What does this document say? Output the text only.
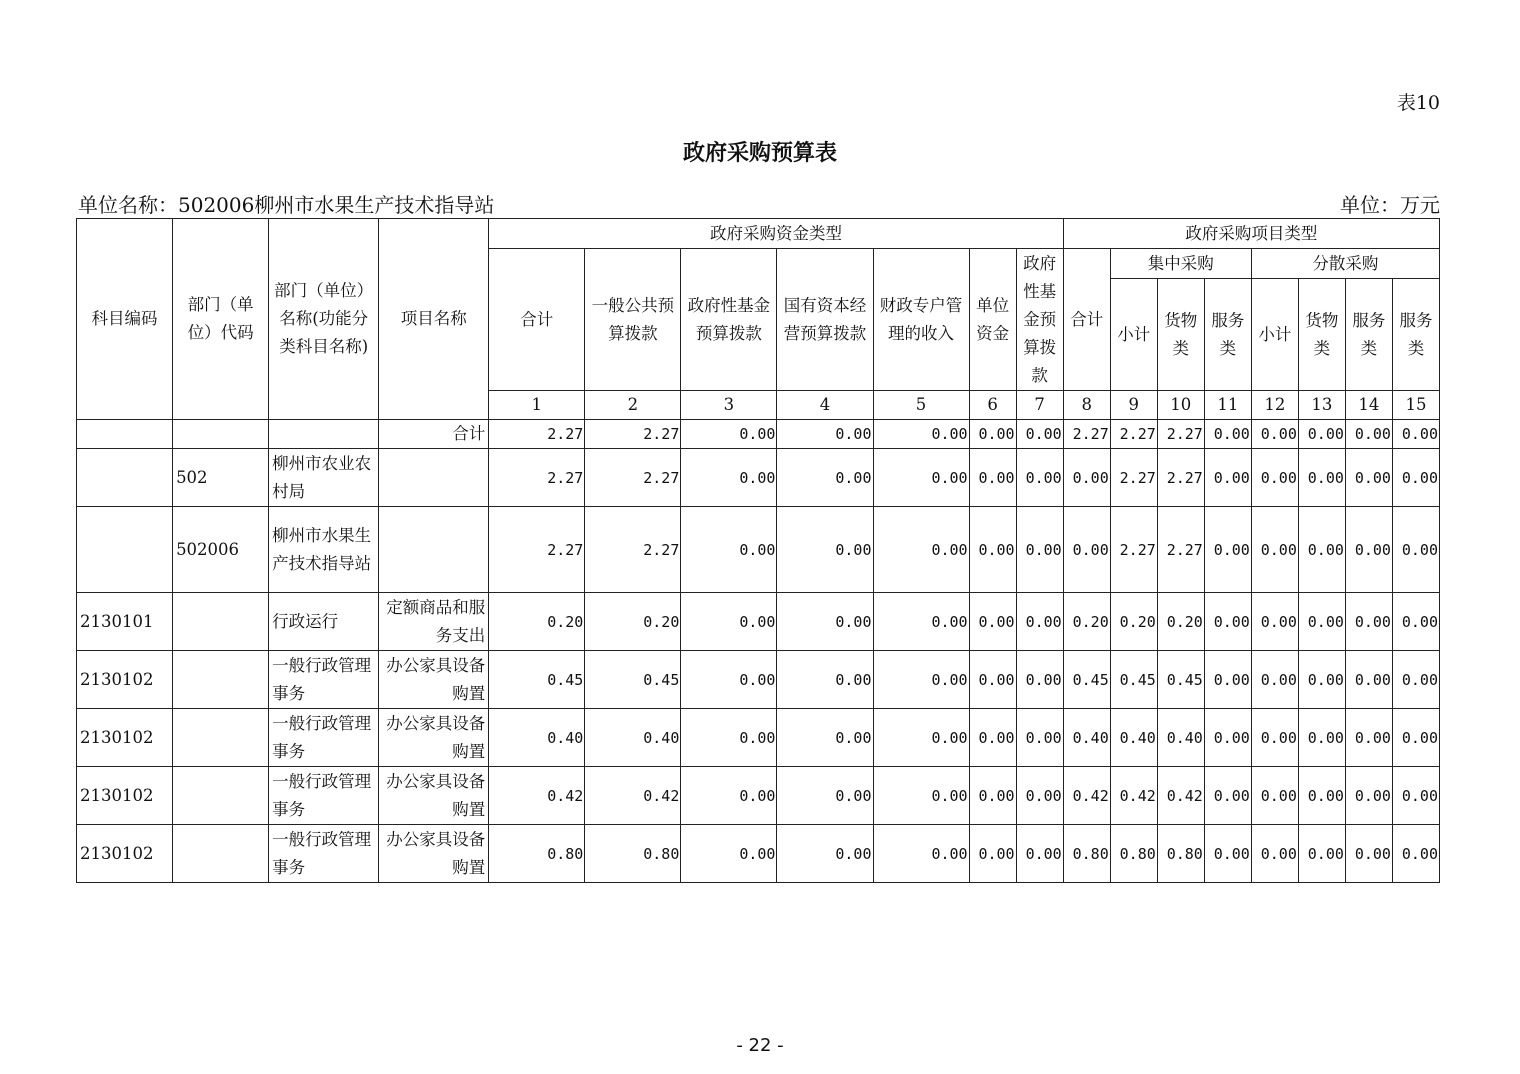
表10
政府采购预算表
单位名称：502006柳州市水果生产技术指导站	单位：万元
科目编码	部门（单位）代码	部门（单位）名称(功能分类科目名称)	项目名称	政府采购资金类型							政府采购项目类型							
				合计	一般公共预算拨款	政府性基金预算拨款	国有资本经营预算拨款	财政专户管理的收入	单位资金	政府性基金预算拨款	合计	集中采购			分散采购			
												小计	货物类	服务类	小计	货物类	服务类	服务类
				1	2	3	4	5	6	7	8	9	10	11	12	13	14	15
			合计	2.27	2.27	0.00	0.00	0.00	0.00	0.00	2.27	2.27	2.27	0.00	0.00	0.00	0.00	0.00
	502	柳州市农业农村局		2.27	2.27	0.00	0.00	0.00	0.00	0.00	0.00	2.27	2.27	0.00	0.00	0.00	0.00	0.00
	502006	柳州市水果生产技术指导站		2.27	2.27	0.00	0.00	0.00	0.00	0.00	0.00	2.27	2.27	0.00	0.00	0.00	0.00	0.00
2130101		行政运行	定额商品和服务支出	0.20	0.20	0.00	0.00	0.00	0.00	0.00	0.20	0.20	0.20	0.00	0.00	0.00	0.00	0.00
2130102		一般行政管理事务	办公家具设备购置	0.45	0.45	0.00	0.00	0.00	0.00	0.00	0.45	0.45	0.45	0.00	0.00	0.00	0.00	0.00
2130102		一般行政管理事务	办公家具设备购置	0.40	0.40	0.00	0.00	0.00	0.00	0.00	0.40	0.40	0.40	0.00	0.00	0.00	0.00	0.00
2130102		一般行政管理事务	办公家具设备购置	0.42	0.42	0.00	0.00	0.00	0.00	0.00	0.42	0.42	0.42	0.00	0.00	0.00	0.00	0.00
2130102		一般行政管理事务	办公家具设备购置	0.80	0.80	0.00	0.00	0.00	0.00	0.00	0.80	0.80	0.80	0.00	0.00	0.00	0.00	0.00
- 22 -
